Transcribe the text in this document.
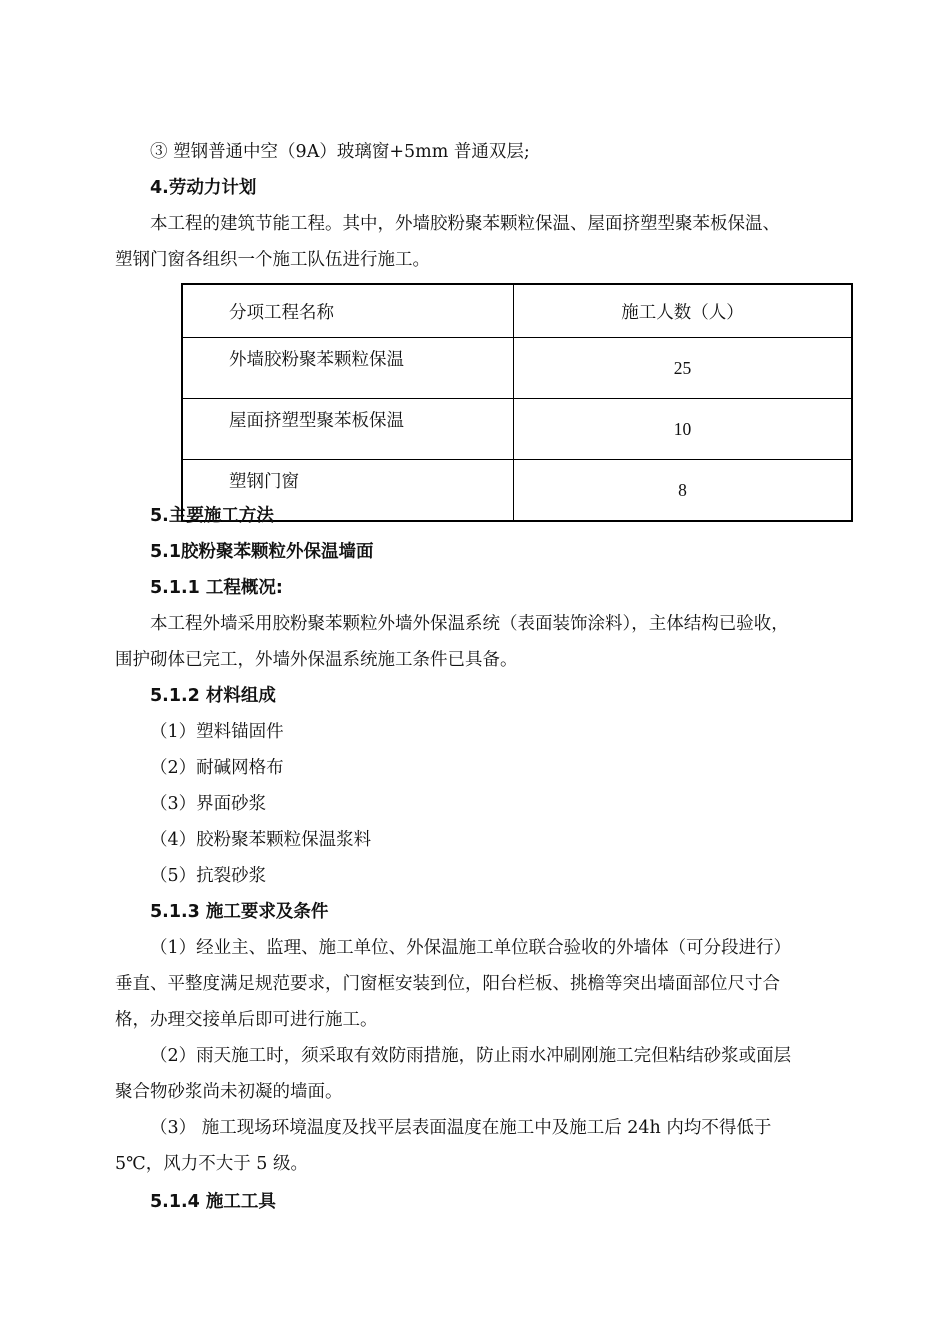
③ 塑钢普通中空（9A）玻璃窗+5mm 普通双层;
4.劳动力计划
本工程的建筑节能工程。其中，外墙胶粉聚苯颗粒保温、屋面挤塑型聚苯板保温、
塑钢门窗各组织一个施工队伍进行施工。
分项工程名称	施工人数（人）
外墙胶粉聚苯颗粒保温	25
屋面挤塑型聚苯板保温	10
塑钢门窗	8
5.主要施工方法
5.1胶粉聚苯颗粒外保温墙面
5.1.1 工程概况:
本工程外墙采用胶粉聚苯颗粒外墙外保温系统（表面装饰涂料），主体结构已验收，
围护砌体已完工，外墙外保温系统施工条件已具备。
5.1.2 材料组成
（1）塑料锚固件
（2）耐碱网格布
（3）界面砂浆
（4）胶粉聚苯颗粒保温浆料
（5）抗裂砂浆
5.1.3 施工要求及条件
（1）经业主、监理、施工单位、外保温施工单位联合验收的外墙体（可分段进行）
垂直、平整度满足规范要求，门窗框安装到位，阳台栏板、挑檐等突出墙面部位尺寸合
格，办理交接单后即可进行施工。
（2）雨天施工时，须采取有效防雨措施，防止雨水冲刷刚施工完但粘结砂浆或面层
聚合物砂浆尚未初凝的墙面。
（3） 施工现场环境温度及找平层表面温度在施工中及施工后 24h 内均不得低于
5℃，风力不大于 5 级。
5.1.4 施工工具
